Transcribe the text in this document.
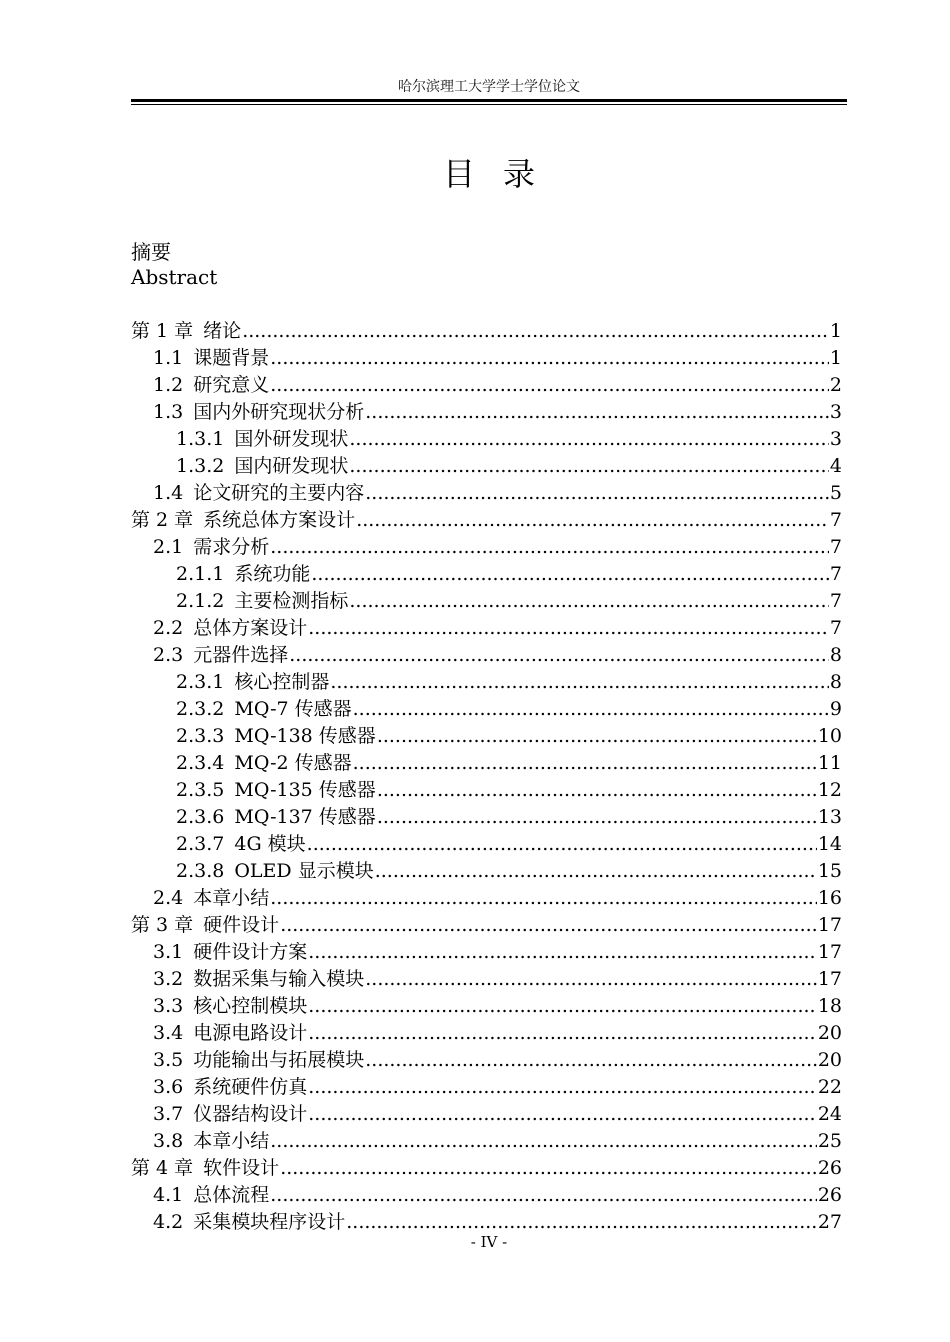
哈尔滨理工大学学士学位论文
目录
摘要
Abstract
第 1 章 绪论 .....	1
1.1 课题背景 .....	1
1.2 研究意义 .....	2
1.3 国内外研究现状分析 .....	3
1.3.1 国外研发现状 .....	3
1.3.2 国内研发现状 .....	4
1.4 论文研究的主要内容 .....	5
第 2 章 系统总体方案设计 .....	7
2.1 需求分析 .....	7
2.1.1 系统功能 .....	7
2.1.2 主要检测指标 .....	7
2.2 总体方案设计 .....	7
2.3 元器件选择 .....	8
2.3.1 核心控制器 .....	8
2.3.2 MQ-7 传感器 .....	9
2.3.3 MQ-138 传感器 .....	10
2.3.4 MQ-2 传感器 .....	11
2.3.5 MQ-135 传感器 .....	12
2.3.6 MQ-137 传感器 .....	13
2.3.7 4G 模块 .....	14
2.3.8 OLED 显示模块 .....	15
2.4 本章小结 .....	16
第 3 章 硬件设计 .....	17
3.1 硬件设计方案 .....	17
3.2 数据采集与输入模块 .....	17
3.3 核心控制模块 .....	18
3.4 电源电路设计 .....	20
3.5 功能输出与拓展模块 .....	20
3.6 系统硬件仿真 .....	22
3.7 仪器结构设计 .....	24
3.8 本章小结 .....	25
第 4 章 软件设计 .....	26
4.1 总体流程 .....	26
4.2 采集模块程序设计 .....	27
- IV -
